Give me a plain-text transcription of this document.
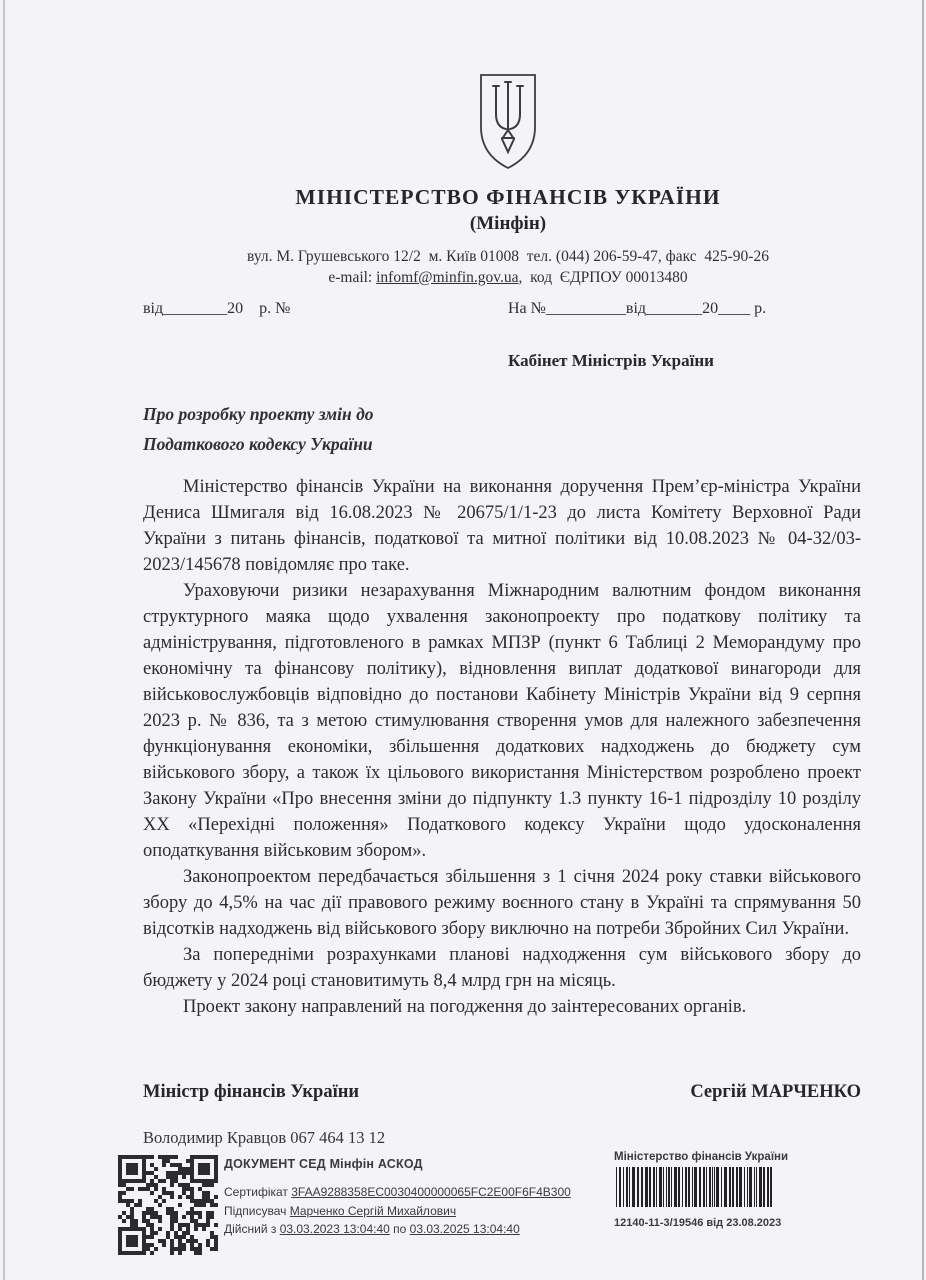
МІНІСТЕРСТВО ФІНАНСІВ УКРАЇНИ
(Мінфін)
вул. М. Грушевського 12/2  м. Київ 01008  тел. (044) 206-59-47, факс  425-90-26
e-mail: infomf@minfin.gov.ua,  код  ЄДРПОУ 00013480
від________20    р. №	На №__________від_______20____ р.
Кабінет Міністрів України
Про розробку проекту змін до
Податкового кодексу України

Міністерство фінансів України на виконання доручення Прем’єр-міністра України Дениса Шмигаля від 16.08.2023 № 20675/1/1-23 до листа Комітету Верховної Ради України з питань фінансів, податкової та митної політики від 10.08.2023 № 04-32/03-2023/145678 повідомляє про таке.

Ураховуючи ризики незарахування Міжнародним валютним фондом виконання структурного маяка щодо ухвалення законопроекту про податкову політику та адміністрування, підготовленого в рамках МПЗР (пункт 6 Таблиці 2 Меморандуму про економічну та фінансову політику), відновлення виплат додаткової винагороди для військовослужбовців відповідно до постанови Кабінету Міністрів України від 9 серпня 2023 р. № 836, та з метою стимулювання створення умов для належного забезпечення функціонування економіки, збільшення додаткових надходжень до бюджету сум військового збору, а також їх цільового використання Міністерством розроблено проект Закону України «Про внесення зміни до підпункту 1.3 пункту 16-1 підрозділу 10 розділу XX «Перехідні положення» Податкового кодексу України щодо удосконалення оподаткування військовим збором».

Законопроектом передбачається збільшення з 1 січня 2024 року ставки військового збору до 4,5% на час дії правового режиму воєнного стану в Україні та спрямування 50 відсотків надходжень від військового збору виключно на потреби Збройних Сил України.

За попередніми розрахунками планові надходження сум військового збору до бюджету у 2024 році становитимуть 8,4 млрд грн на місяць.

Проект закону направлений на погодження до заінтересованих органів.

Міністр фінансів України	Сергій МАРЧЕНКО
Володимир Кравцов 067 464 13 12
ДОКУМЕНТ СЕД Мінфін АСКОД
Сертифікат 3FAA9288358EC0030400000065FC2E00F6F4B300
Підписувач Марченко Сергій Михайлович
Дійсний з 03.03.2023 13:04:40 по 03.03.2025 13:04:40
Міністерство фінансів України
12140-11-3/19546 від 23.08.2023
